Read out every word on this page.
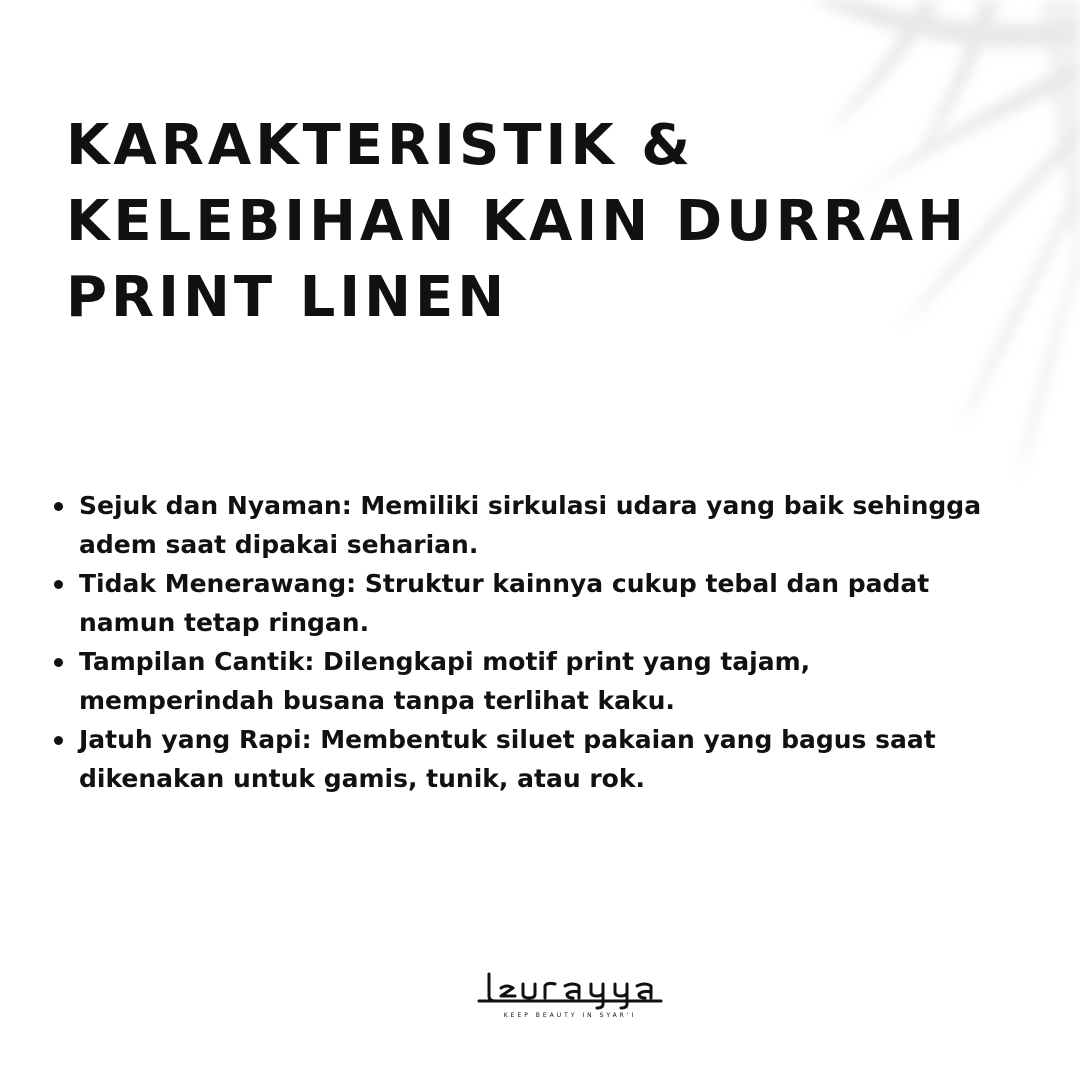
KARAKTERISTIK &
KELEBIHAN KAIN DURRAH
PRINT LINEN
Sejuk dan Nyaman: Memiliki sirkulasi udara yang baik sehingga
adem saat dipakai seharian.
Tidak Menerawang: Struktur kainnya cukup tebal dan padat
namun tetap ringan.
Tampilan Cantik: Dilengkapi motif print yang tajam,
memperindah busana tanpa terlihat kaku.
Jatuh yang Rapi: Membentuk siluet pakaian yang bagus saat
dikenakan untuk gamis, tunik, atau rok.
KEEP BEAUTY IN SYAR'I
